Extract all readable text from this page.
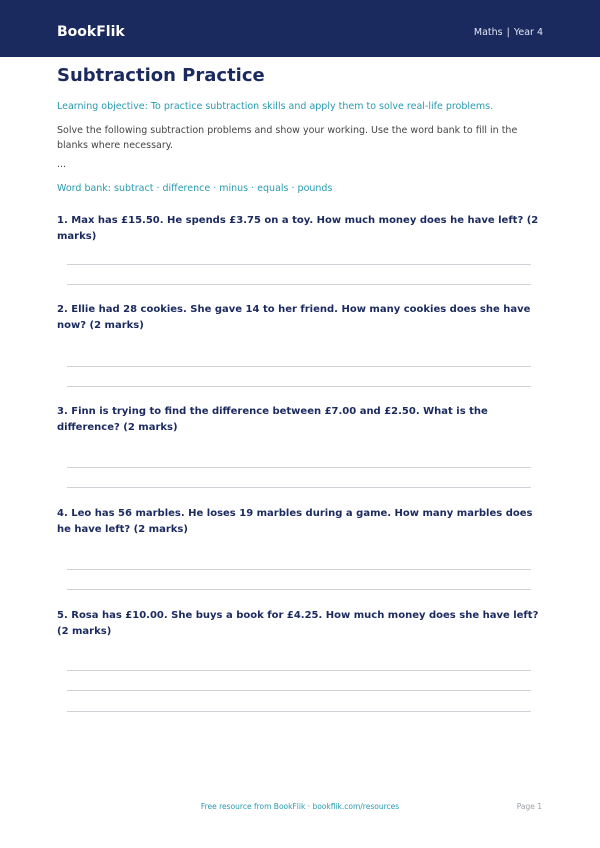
BookFlik	Maths | Year 4
Subtraction Practice
Learning objective: To practice subtraction skills and apply them to solve real-life problems.
Solve the following subtraction problems and show your working. Use the word bank to fill in the blanks where necessary.
...
Word bank: subtract · difference · minus · equals · pounds
1. Max has £15.50. He spends £3.75 on a toy. How much money does he have left? (2 marks)
2. Ellie had 28 cookies. She gave 14 to her friend. How many cookies does she have now? (2 marks)
3. Finn is trying to find the difference between £7.00 and £2.50. What is the difference? (2 marks)
4. Leo has 56 marbles. He loses 19 marbles during a game. How many marbles does he have left? (2 marks)
5. Rosa has £10.00. She buys a book for £4.25. How much money does she have left? (2 marks)
Free resource from BookFlik · bookflik.com/resources	Page 1
